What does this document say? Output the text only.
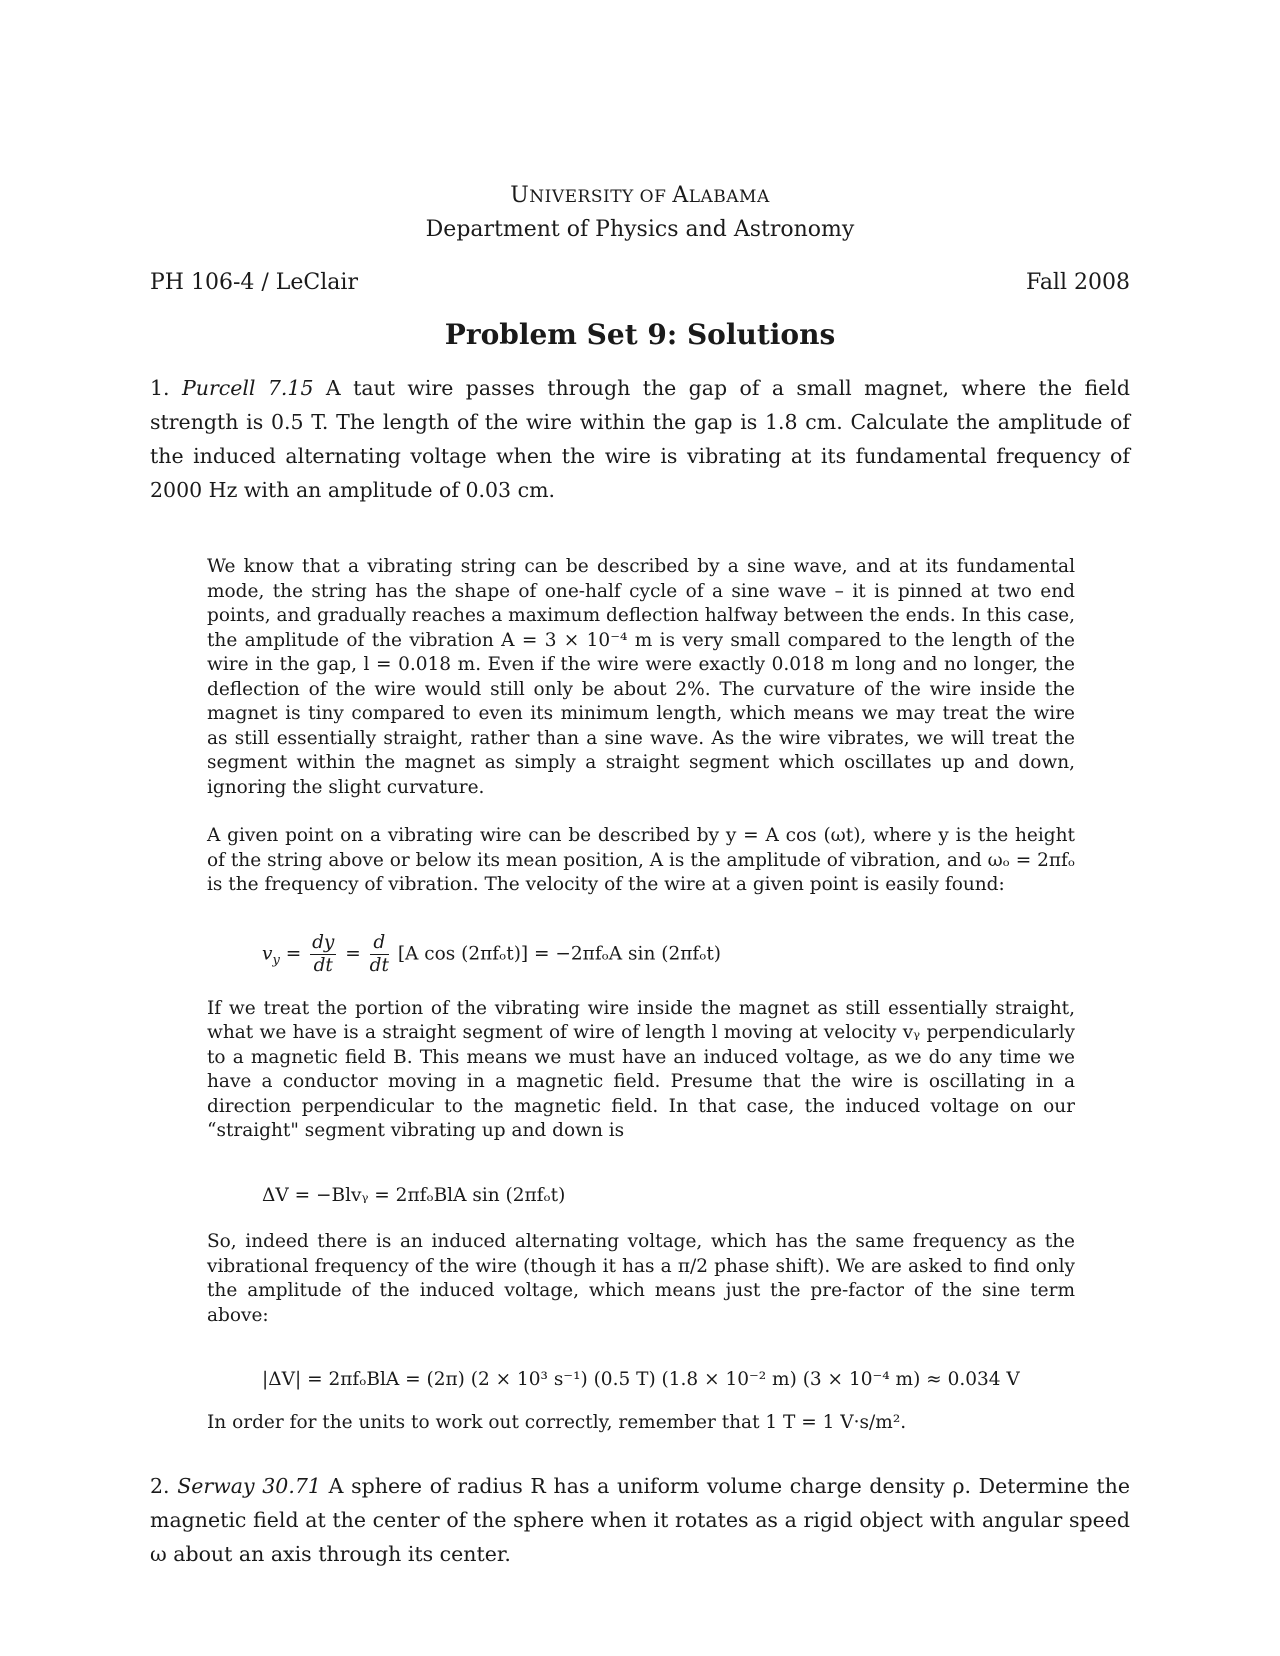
UNIVERSITY OF ALABAMA
Department of Physics and Astronomy
PH 106-4 / LeClair	Fall 2008
Problem Set 9: Solutions
1. Purcell 7.15 A taut wire passes through the gap of a small magnet, where the field strength is 0.5 T. The length of the wire within the gap is 1.8 cm. Calculate the amplitude of the induced alternating voltage when the wire is vibrating at its fundamental frequency of 2000 Hz with an amplitude of 0.03 cm.

We know that a vibrating string can be described by a sine wave, and at its fundamental mode, the string has the shape of one-half cycle of a sine wave – it is pinned at two end points, and gradually reaches a maximum deflection halfway between the ends. In this case, the amplitude of the vibration A = 3 × 10⁻⁴ m is very small compared to the length of the wire in the gap, l = 0.018 m. Even if the wire were exactly 0.018 m long and no longer, the deflection of the wire would still only be about 2%. The curvature of the wire inside the magnet is tiny compared to even its minimum length, which means we may treat the wire as still essentially straight, rather than a sine wave. As the wire vibrates, we will treat the segment within the magnet as simply a straight segment which oscillates up and down, ignoring the slight curvature.

A given point on a vibrating wire can be described by y = A cos (ωt), where y is the height of the string above or below its mean position, A is the amplitude of vibration, and ωₒ = 2πfₒ is the frequency of vibration. The velocity of the wire at a given point is easily found:

$v_y = \frac{dy}{dt} = \frac{d}{dt} [A$ cos (2πfₒt)] = −2πfₒA sin (2πfₒt)

If we treat the portion of the vibrating wire inside the magnet as still essentially straight, what we have is a straight segment of wire of length l moving at velocity vᵧ perpendicularly to a magnetic field B. This means we must have an induced voltage, as we do any time we have a conductor moving in a magnetic field. Presume that the wire is oscillating in a direction perpendicular to the magnetic field. In that case, the induced voltage on our “straight" segment vibrating up and down is

ΔV = −Blvᵧ = 2πfₒBlA sin (2πfₒt)

So, indeed there is an induced alternating voltage, which has the same frequency as the vibrational frequency of the wire (though it has a π/2 phase shift). We are asked to find only the amplitude of the induced voltage, which means just the pre-factor of the sine term above:

|ΔV| = 2πfₒBlA = (2π) (2 × 10³ s⁻¹) (0.5 T) (1.8 × 10⁻² m) (3 × 10⁻⁴ m) ≈ 0.034 V

In order for the units to work out correctly, remember that 1 T = 1 V·s/m².

2. Serway 30.71 A sphere of radius R has a uniform volume charge density ρ. Determine the magnetic field at the center of the sphere when it rotates as a rigid object with angular speed ω about an axis through its center.
